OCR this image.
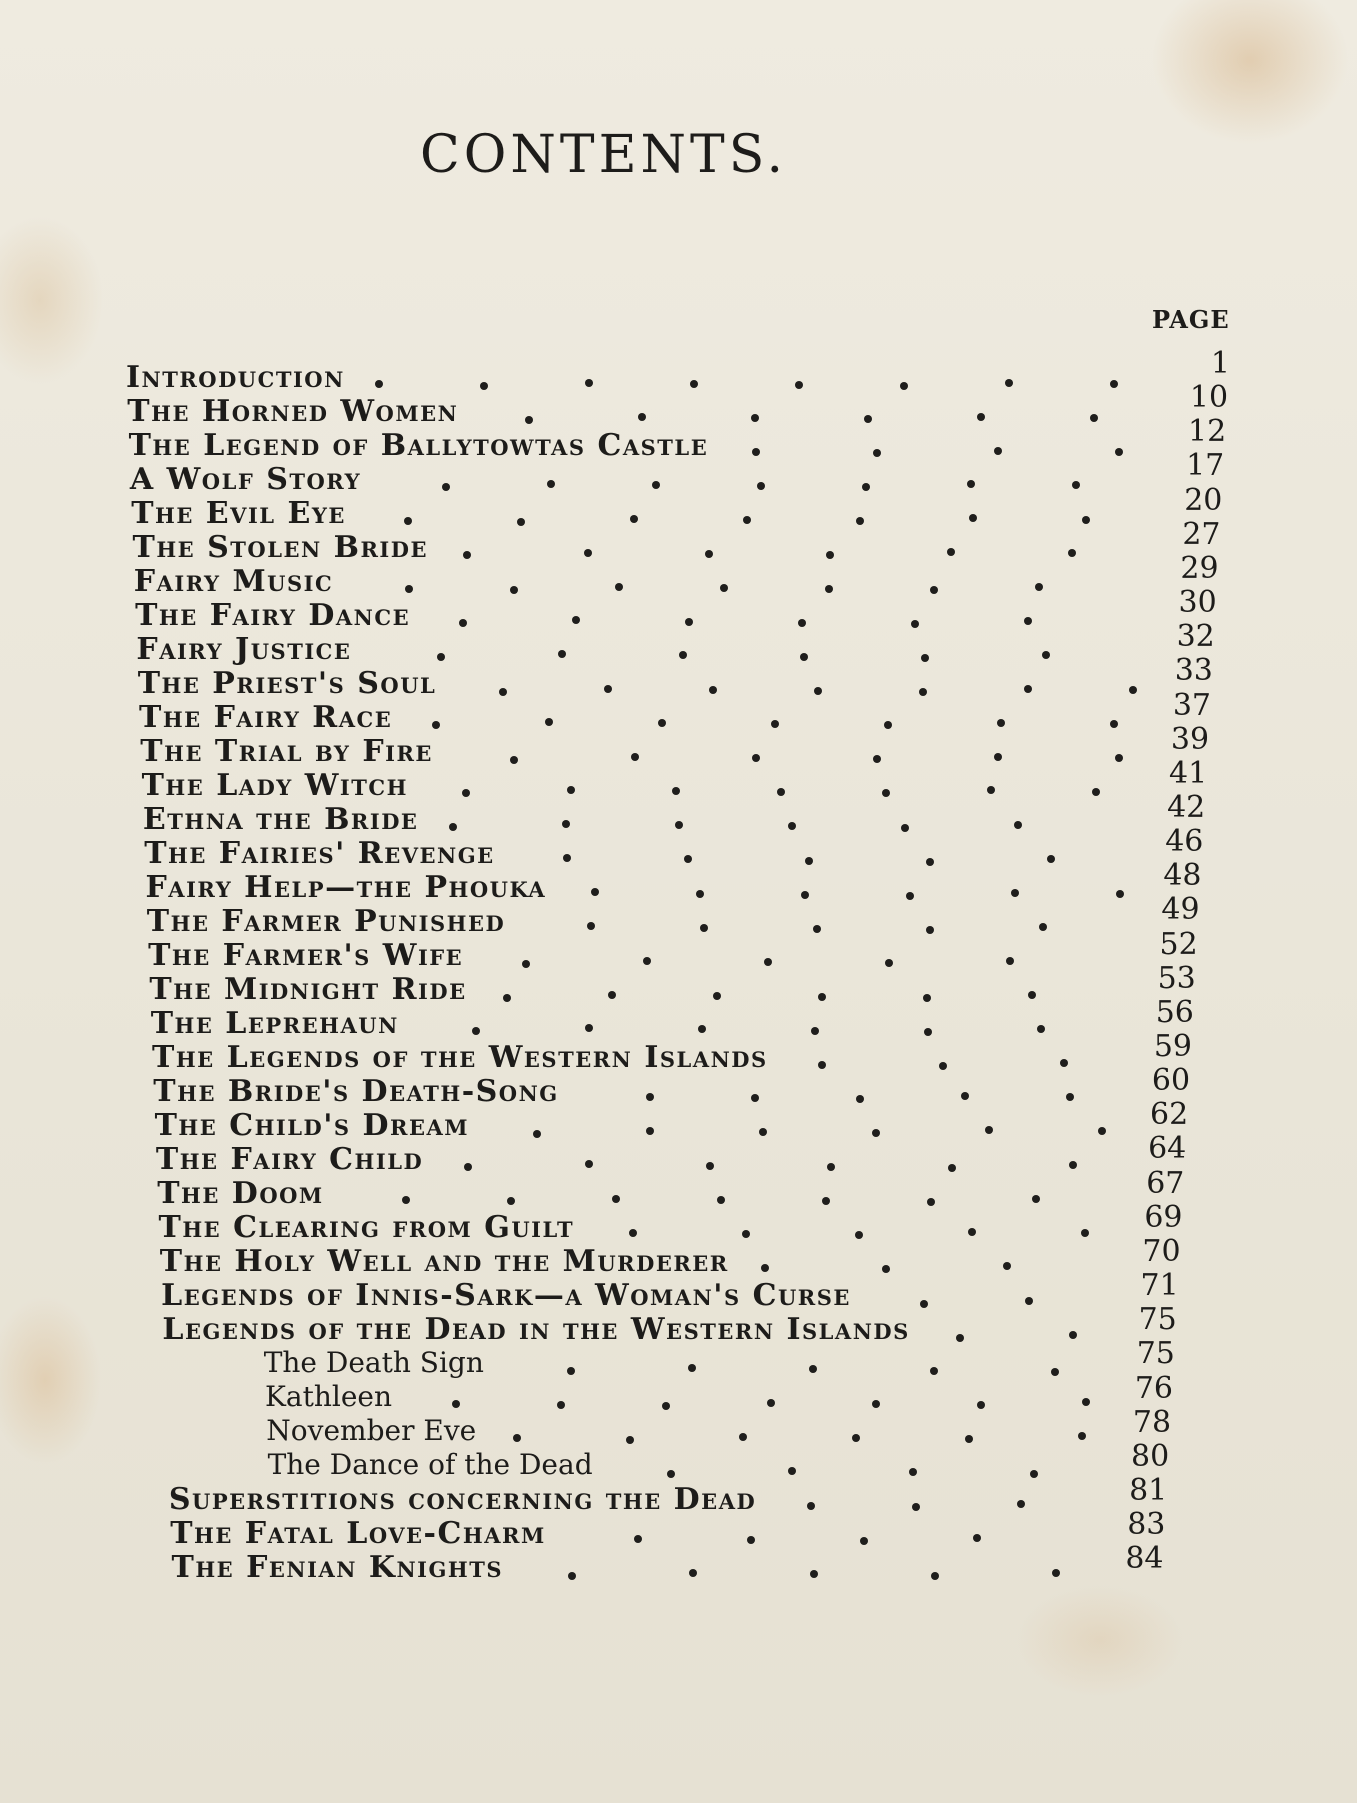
CONTENTS.
PAGE
Introduction	1
The Horned Women	10
The Legend of Ballytowtas Castle	12
A Wolf Story	17
The Evil Eye	20
The Stolen Bride	27
Fairy Music	29
The Fairy Dance	30
Fairy Justice	32
The Priest's Soul	33
The Fairy Race	37
The Trial by Fire	39
The Lady Witch	41
Ethna the Bride	42
The Fairies' Revenge	46
Fairy Help—the Phouka	48
The Farmer Punished	49
The Farmer's Wife	52
The Midnight Ride	53
The Leprehaun	56
The Legends of the Western Islands	59
The Bride's Death-Song	60
The Child's Dream	62
The Fairy Child	64
The Doom	67
The Clearing from Guilt	69
The Holy Well and the Murderer	70
Legends of Innis-Sark—a Woman's Curse	71
Legends of the Dead in the Western Islands	75
The Death Sign	75
Kathleen	76
November Eve	78
The Dance of the Dead	80
Superstitions concerning the Dead	81
The Fatal Love-Charm	83
The Fenian Knights	84
